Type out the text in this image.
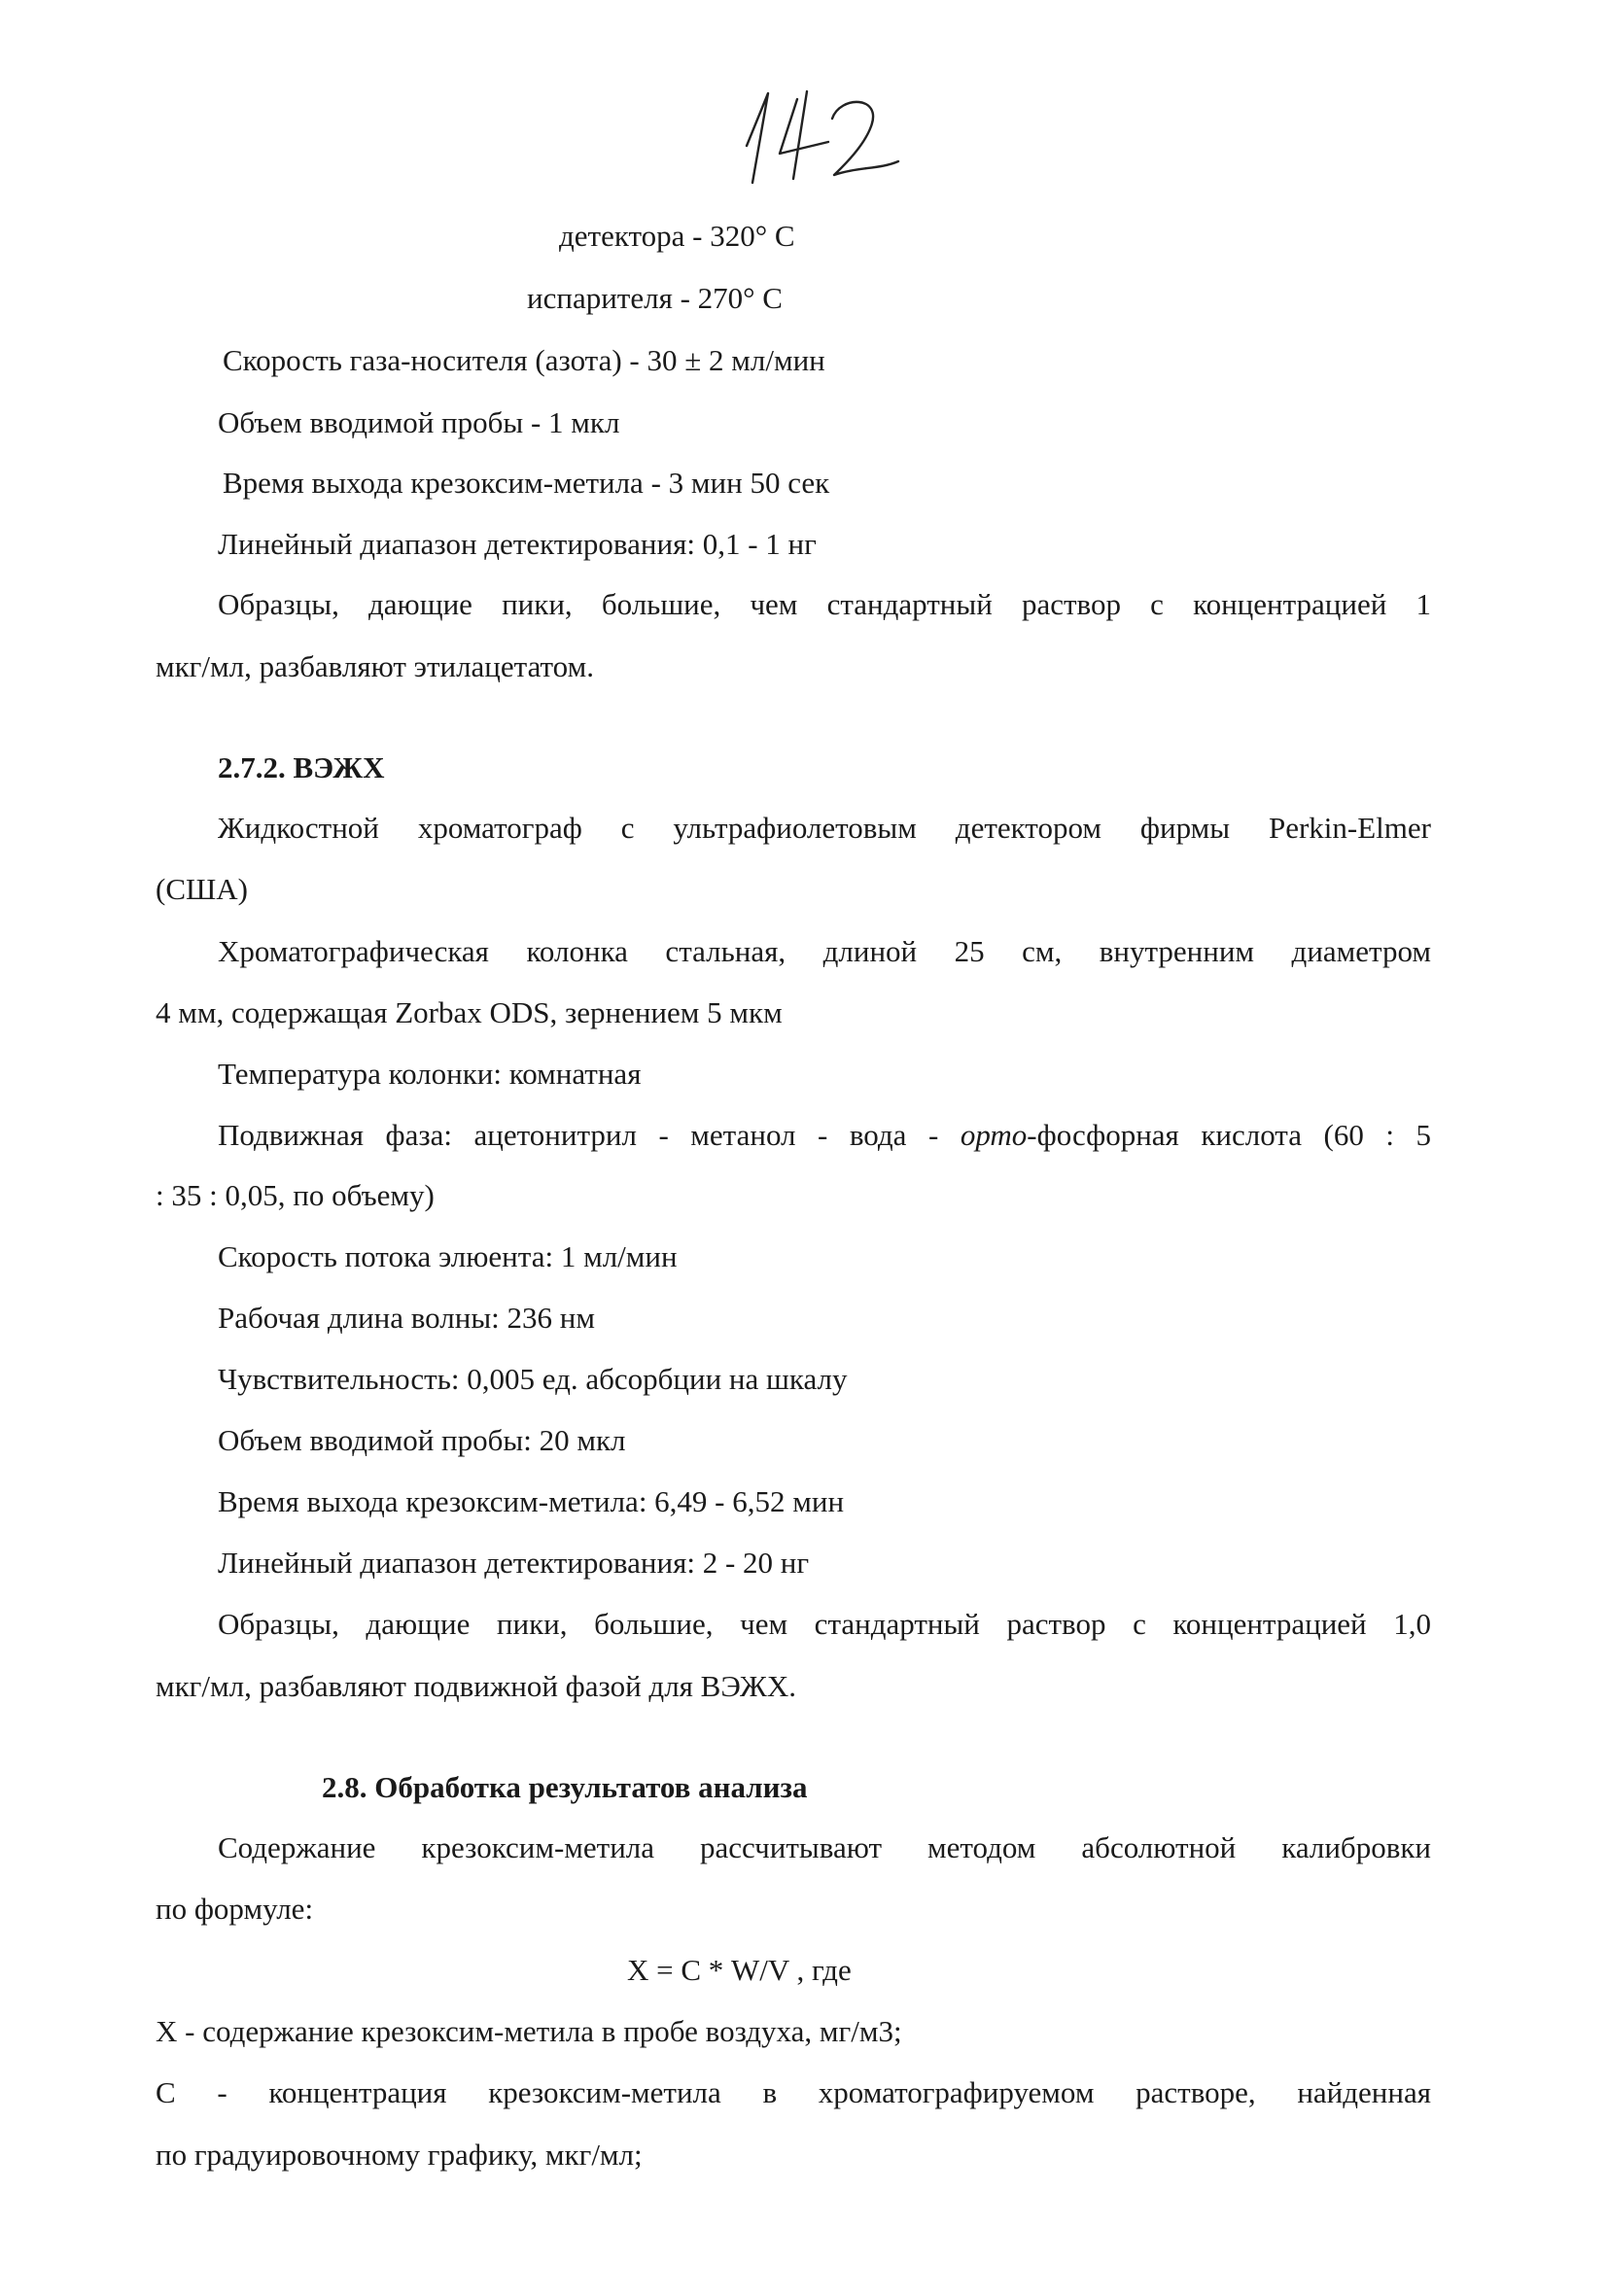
детектора - 320° С
испарителя - 270° С
Скорость газа-носителя (азота) - 30 ± 2 мл/мин
Объем вводимой пробы - 1 мкл
Время выхода крезоксим-метила - 3 мин 50 сек
Линейный диапазон детектирования: 0,1 - 1 нг
Образцы, дающие пики, большие, чем стандартный раствор с концентрацией 1
мкг/мл, разбавляют этилацетатом.
2.7.2. ВЭЖХ
Жидкостной хроматограф с ультрафиолетовым детектором фирмы Perkin-Elmer
(США)
Хроматографическая колонка стальная, длиной 25 см, внутренним диаметром
4 мм, содержащая Zorbax ODS, зернением 5 мкм
Температура колонки: комнатная
Подвижная фаза: ацетонитрил - метанол - вода - орто-фосфорная кислота (60 : 5
: 35 : 0,05, по объему)
Скорость потока элюента: 1 мл/мин
Рабочая длина волны: 236 нм
Чувствительность: 0,005 ед. абсорбции на шкалу
Объем вводимой пробы: 20 мкл
Время выхода крезоксим-метила: 6,49 - 6,52 мин
Линейный диапазон детектирования: 2 - 20 нг
Образцы, дающие пики, большие, чем стандартный раствор с концентрацией 1,0
мкг/мл, разбавляют подвижной фазой для ВЭЖХ.
2.8. Обработка результатов анализа
Содержание крезоксим-метила рассчитывают методом абсолютной калибровки
по формуле:
Х = С * W/V , где
Х - содержание крезоксим-метила в пробе воздуха, мг/м3;
С - концентрация крезоксим-метила в хроматографируемом растворе, найденная
по градуировочному графику, мкг/мл;
